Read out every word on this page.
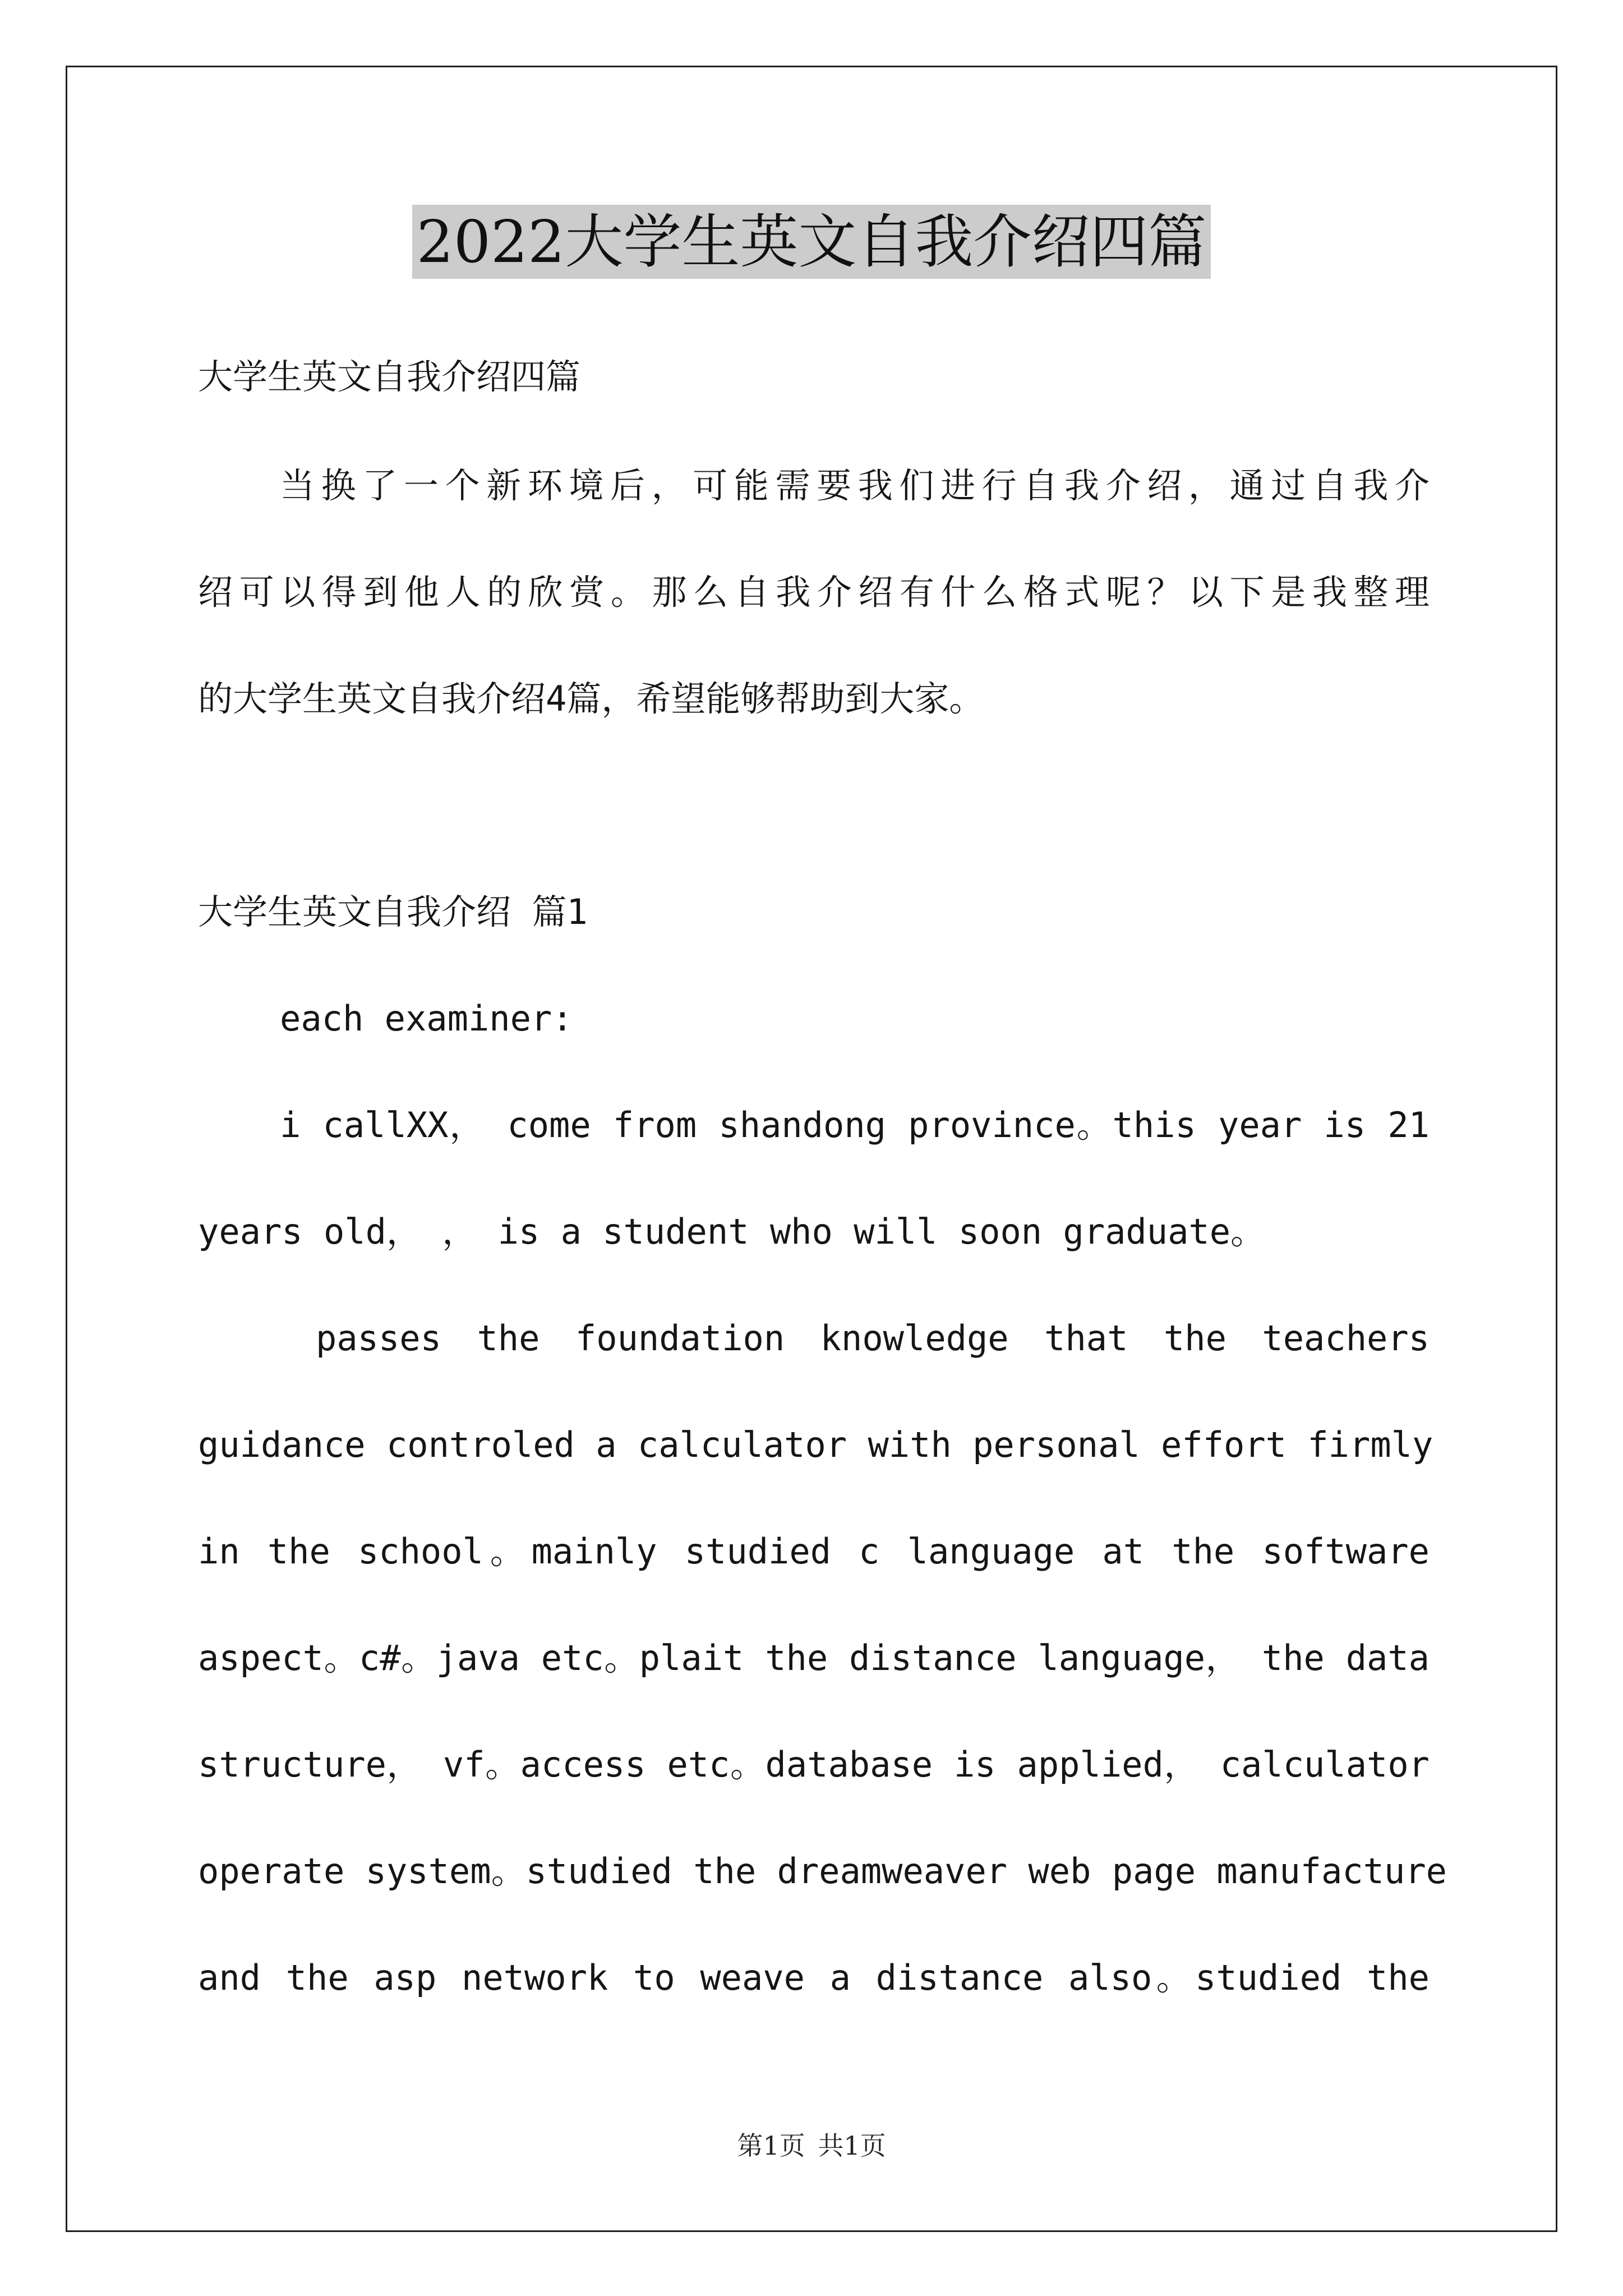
2022大学生英文自我介绍四篇
大学生英文自我介绍四篇
当换了一个新环境后，可能需要我们进行自我介绍，通过自我介
绍可以得到他人的欣赏。那么自我介绍有什么格式呢？以下是我整理
的大学生英文自我介绍4篇，希望能够帮助到大家。
大学生英文自我介绍 篇1
each examiner:
i callXX， come from shandong province。this year is 21
years old， ， is a student who will soon graduate。
passes the foundation knowledge that the teachers
guidance controled a calculator with personal effort firmly
in the school。mainly studied c language at the software
aspect。c#。java etc。plait the distance language， the data
structure， vf。access etc。database is applied， calculator
operate system。studied the dreamweaver web page manufacture
and the asp network to weave a distance also。studied the
第1页 共1页
